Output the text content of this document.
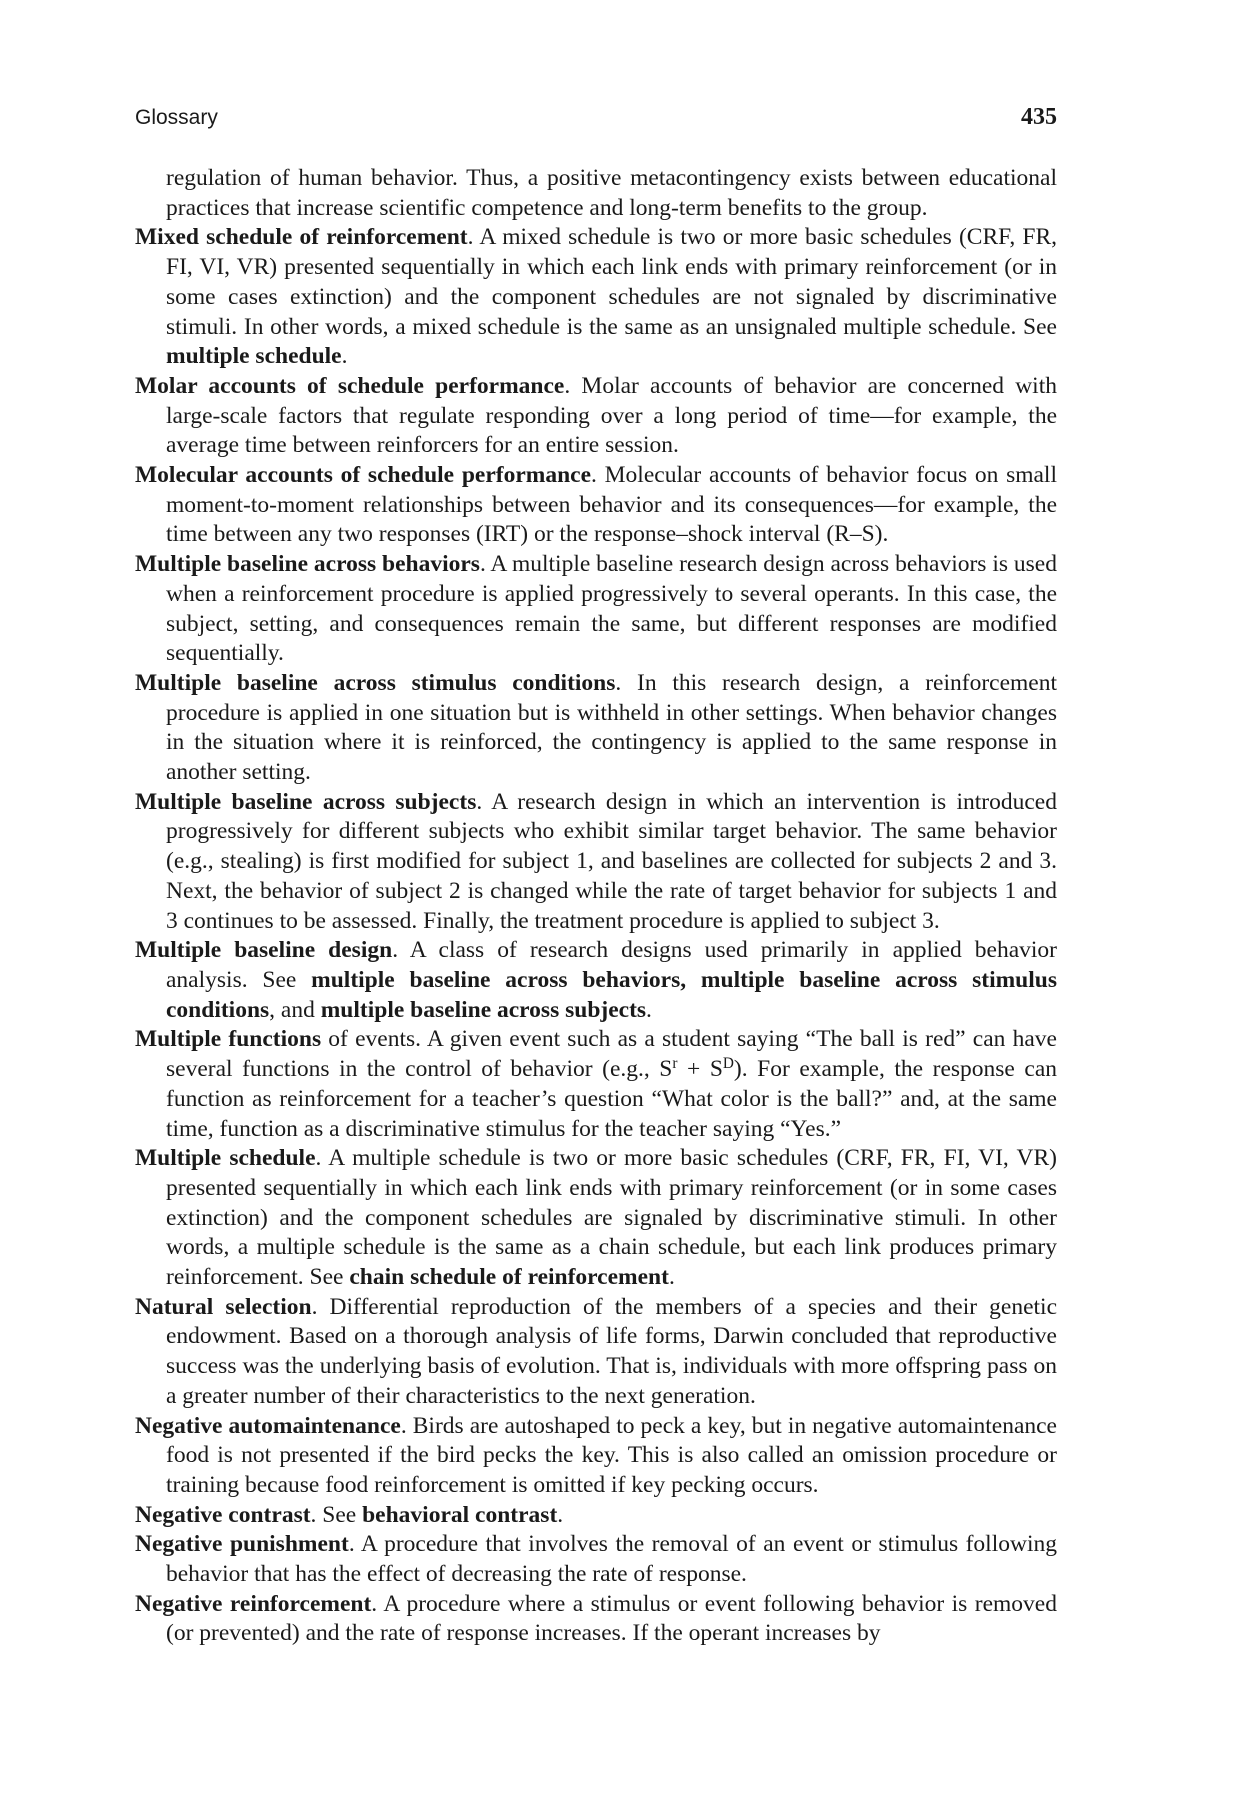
Glossary	435

regulation of human behavior. Thus, a positive metacontingency exists between educational practices that increase scientific competence and long-term benefits to the group.

Mixed schedule of reinforcement. A mixed schedule is two or more basic schedules (CRF, FR, FI, VI, VR) presented sequentially in which each link ends with primary reinforcement (or in some cases extinction) and the component schedules are not signaled by discriminative stimuli. In other words, a mixed schedule is the same as an unsignaled multiple schedule. See multiple schedule.

Molar accounts of schedule performance. Molar accounts of behavior are concerned with large-scale factors that regulate responding over a long period of time—for example, the average time between reinforcers for an entire session.

Molecular accounts of schedule performance. Molecular accounts of behavior focus on small moment-to-moment relationships between behavior and its consequences—for example, the time between any two responses (IRT) or the response–shock interval (R–S).

Multiple baseline across behaviors. A multiple baseline research design across behaviors is used when a reinforcement procedure is applied progressively to several operants. In this case, the subject, setting, and consequences remain the same, but different responses are modified sequentially.

Multiple baseline across stimulus conditions. In this research design, a reinforcement procedure is applied in one situation but is withheld in other settings. When behavior changes in the situation where it is reinforced, the contingency is applied to the same response in another setting.

Multiple baseline across subjects. A research design in which an intervention is introduced progressively for different subjects who exhibit similar target behavior. The same behavior (e.g., stealing) is first modified for subject 1, and baselines are collected for subjects 2 and 3. Next, the behavior of subject 2 is changed while the rate of target behavior for subjects 1 and 3 continues to be assessed. Finally, the treatment procedure is applied to subject 3.

Multiple baseline design. A class of research designs used primarily in applied behavior analysis. See multiple baseline across behaviors, multiple baseline across stimulus conditions, and multiple baseline across subjects.

Multiple functions of events. A given event such as a student saying “The ball is red” can have several functions in the control of behavior (e.g., $S^r + S^D$). For example, the response can function as reinforcement for a teacher’s question “What color is the ball?” and, at the same time, function as a discriminative stimulus for the teacher saying “Yes.”

Multiple schedule. A multiple schedule is two or more basic schedules (CRF, FR, FI, VI, VR) presented sequentially in which each link ends with primary reinforcement (or in some cases extinction) and the component schedules are signaled by discriminative stimuli. In other words, a multiple schedule is the same as a chain schedule, but each link produces primary reinforcement. See chain schedule of reinforcement.

Natural selection. Differential reproduction of the members of a species and their genetic endowment. Based on a thorough analysis of life forms, Darwin concluded that reproductive success was the underlying basis of evolution. That is, individuals with more offspring pass on a greater number of their characteristics to the next generation.

Negative automaintenance. Birds are autoshaped to peck a key, but in negative automaintenance food is not presented if the bird pecks the key. This is also called an omission procedure or training because food reinforcement is omitted if key pecking occurs.

Negative contrast. See behavioral contrast.

Negative punishment. A procedure that involves the removal of an event or stimulus following behavior that has the effect of decreasing the rate of response.

Negative reinforcement. A procedure where a stimulus or event following behavior is removed (or prevented) and the rate of response increases. If the operant increases by
